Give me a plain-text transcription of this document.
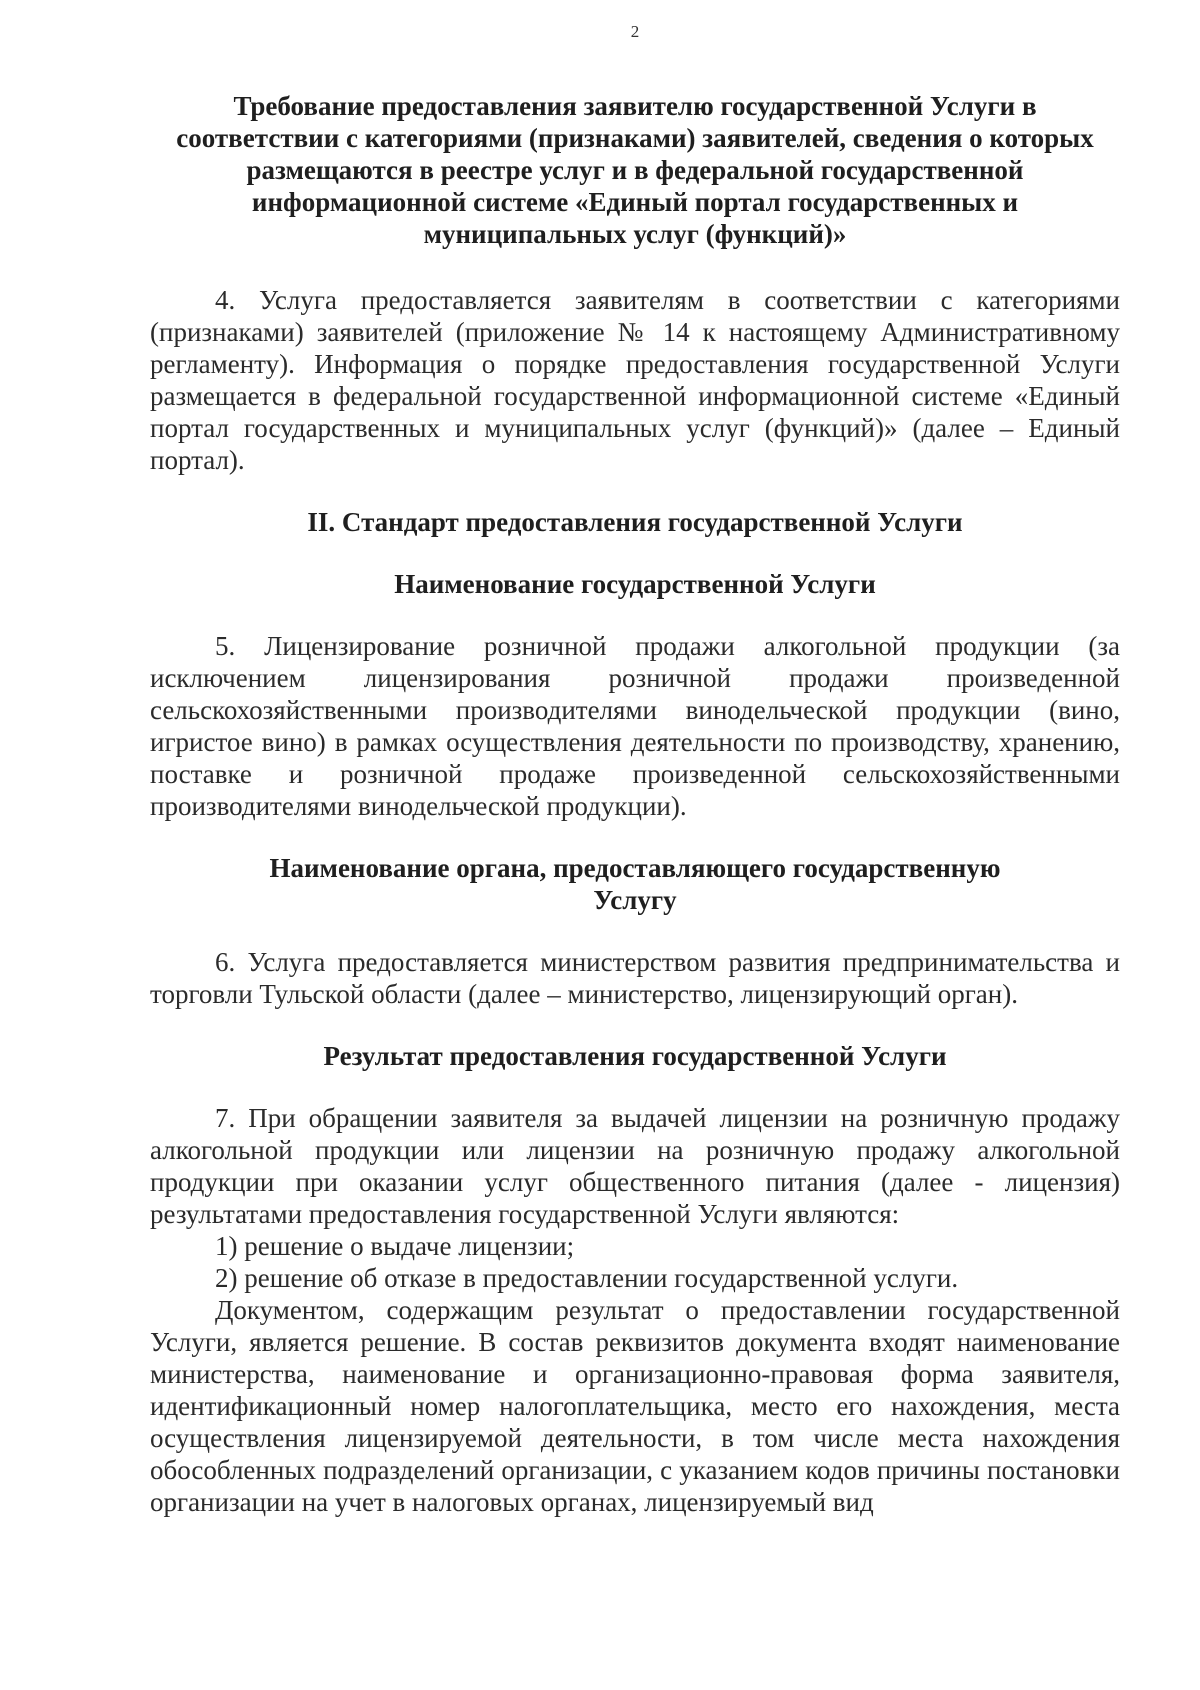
2
Требование предоставления заявителю государственной Услуги в
соответствии с категориями (признаками) заявителей, сведения о которых
размещаются в реестре услуг и в федеральной государственной
информационной системе «Единый портал государственных и
муниципальных услуг (функций)»

4. Услуга предоставляется заявителям в соответствии с категориями (признаками) заявителей (приложение № 14 к настоящему Административному регламенту). Информация о порядке предоставления государственной Услуги размещается в федеральной государственной информационной системе «Единый портал государственных и муниципальных услуг (функций)» (далее – Единый портал).

II. Стандарт предоставления государственной Услуги
Наименование государственной Услуги

5. Лицензирование розничной продажи алкогольной продукции (за исключением лицензирования розничной продажи произведенной сельскохозяйственными производителями винодельческой продукции (вино, игристое вино) в рамках осуществления деятельности по производству, хранению, поставке и розничной продаже произведенной сельскохозяйственными производителями винодельческой продукции).

Наименование органа, предоставляющего государственную
Услугу

6. Услуга предоставляется министерством развития предпринимательства и торговли Тульской области (далее – министерство, лицензирующий орган).

Результат предоставления государственной Услуги

7. При обращении заявителя за выдачей лицензии на розничную продажу алкогольной продукции или лицензии на розничную продажу алкогольной продукции при оказании услуг общественного питания (далее - лицензия) результатами предоставления государственной Услуги являются:

1) решение о выдаче лицензии;

2) решение об отказе в предоставлении государственной услуги.

Документом, содержащим результат о предоставлении государственной Услуги, является решение. В состав реквизитов документа входят наименование министерства, наименование и организационно-правовая форма заявителя, идентификационный номер налогоплательщика, место его нахождения, места осуществления лицензируемой деятельности, в том числе места нахождения обособленных подразделений организации, с указанием кодов причины постановки организации на учет в налоговых органах, лицензируемый вид
